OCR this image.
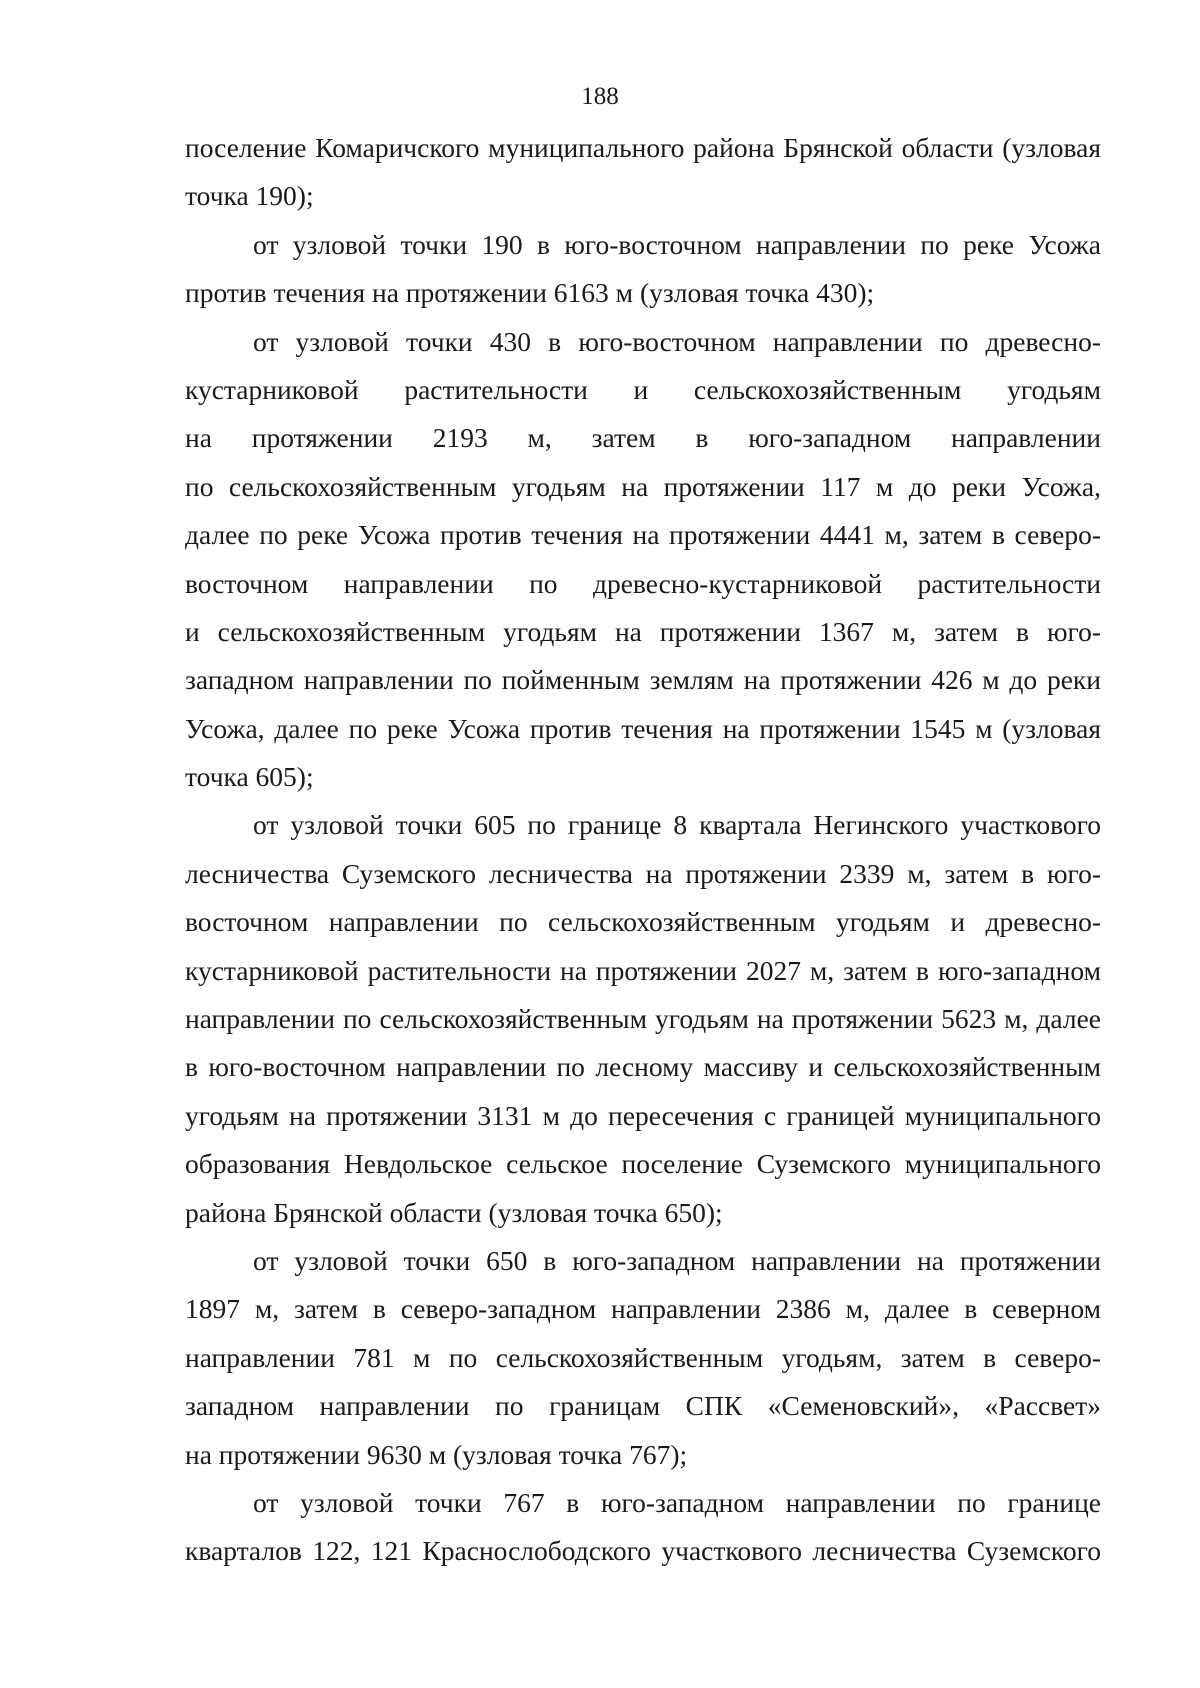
188
поселение Комаричского муниципального района Брянской области (узловая
точка 190);
от узловой точки 190 в юго-восточном направлении по реке Усожа
против течения на протяжении 6163 м (узловая точка 430);
от узловой точки 430 в юго-восточном направлении по древесно-
кустарниковой растительности и сельскохозяйственным угодьям
на протяжении 2193 м, затем в юго-западном направлении
по сельскохозяйственным угодьям на протяжении 117 м до реки Усожа,
далее по реке Усожа против течения на протяжении 4441 м, затем в северо-
восточном направлении по древесно-кустарниковой растительности
и сельскохозяйственным угодьям на протяжении 1367 м, затем в юго-
западном направлении по пойменным землям на протяжении 426 м до реки
Усожа, далее по реке Усожа против течения на протяжении 1545 м (узловая
точка 605);
от узловой точки 605 по границе 8 квартала Негинского участкового
лесничества Суземского лесничества на протяжении 2339 м, затем в юго-
восточном направлении по сельскохозяйственным угодьям и древесно-
кустарниковой растительности на протяжении 2027 м, затем в юго-западном
направлении по сельскохозяйственным угодьям на протяжении 5623 м, далее
в юго-восточном направлении по лесному массиву и сельскохозяйственным
угодьям на протяжении 3131 м до пересечения с границей муниципального
образования Невдольское сельское поселение Суземского муниципального
района Брянской области (узловая точка 650);
от узловой точки 650 в юго-западном направлении на протяжении
1897 м, затем в северо-западном направлении 2386 м, далее в северном
направлении 781 м по сельскохозяйственным угодьям, затем в северо-
западном направлении по границам СПК «Семеновский», «Рассвет»
на протяжении 9630 м (узловая точка 767);
от узловой точки 767 в юго-западном направлении по границе
кварталов 122, 121 Краснослободского участкового лесничества Суземского
